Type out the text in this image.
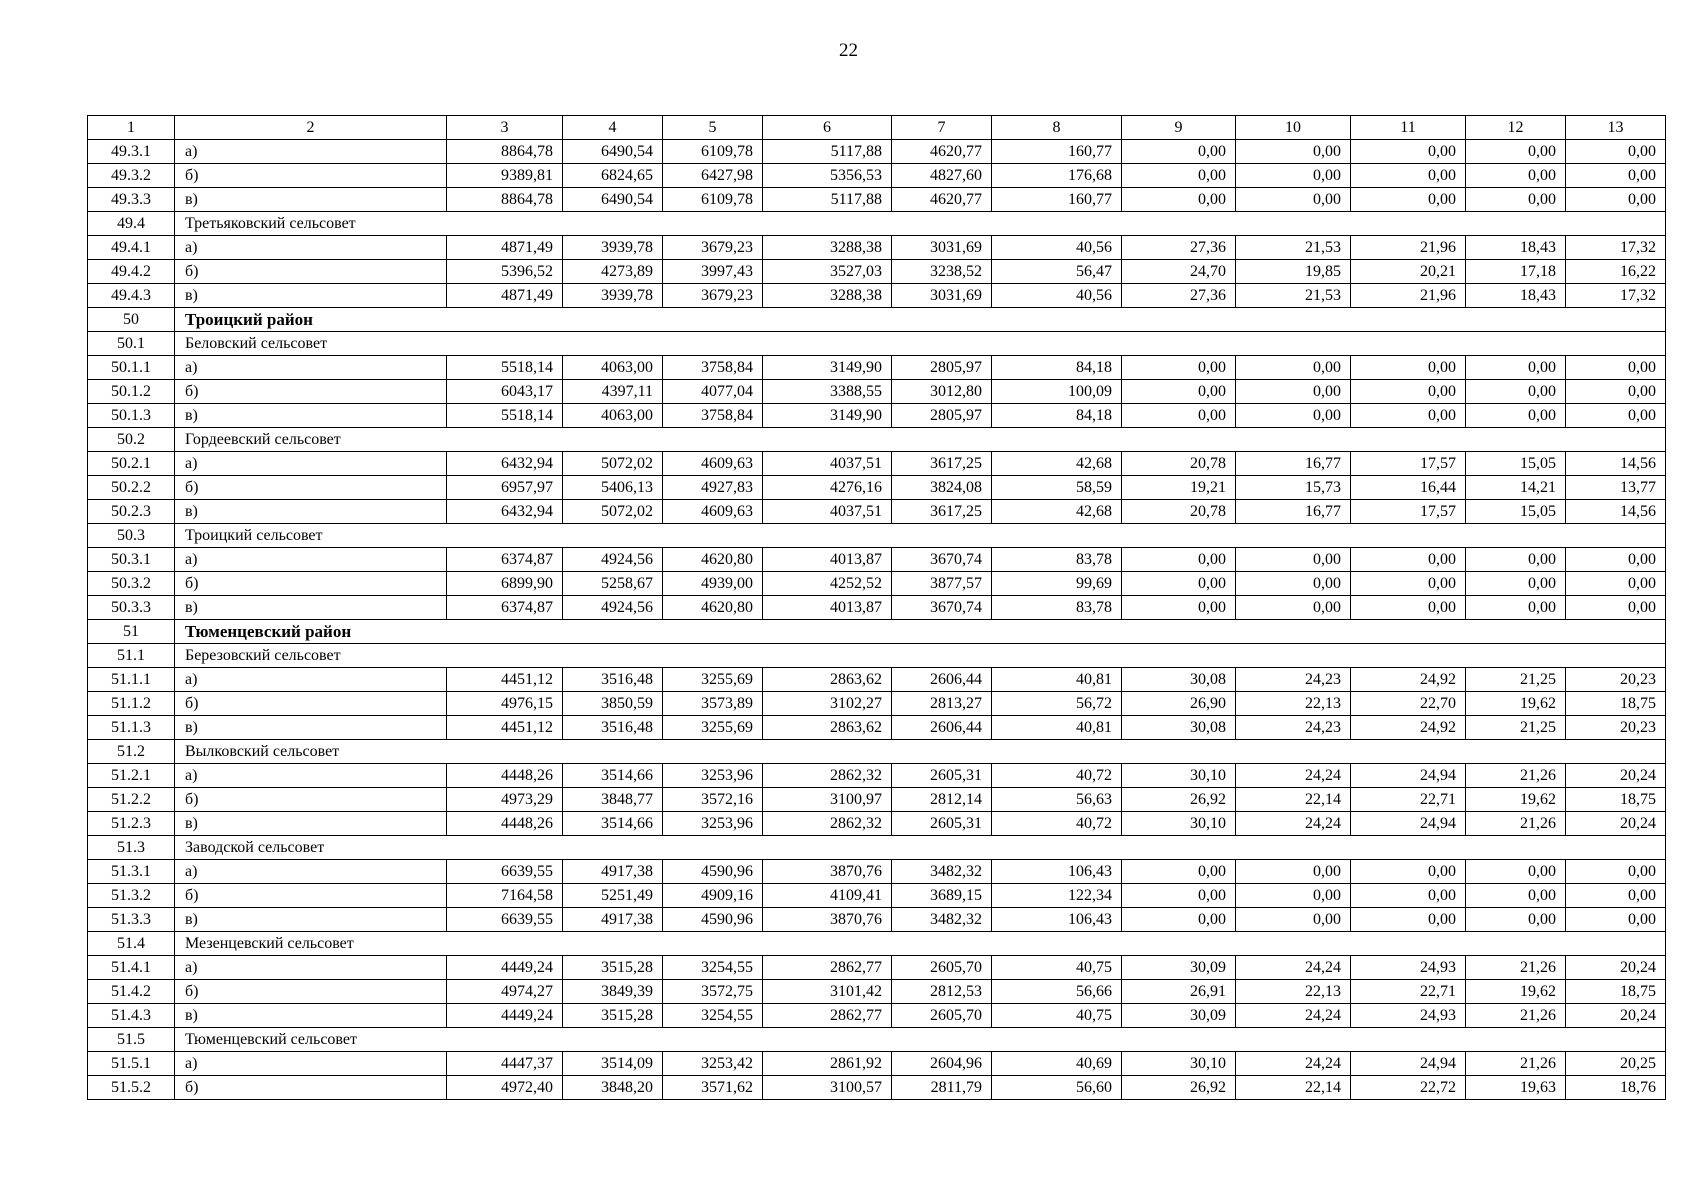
22
1	2	3	4	5	6	7	8	9	10	11	12	13
49.3.1	а)	8864,78	6490,54	6109,78	5117,88	4620,77	160,77	0,00	0,00	0,00	0,00	0,00
49.3.2	б)	9389,81	6824,65	6427,98	5356,53	4827,60	176,68	0,00	0,00	0,00	0,00	0,00
49.3.3	в)	8864,78	6490,54	6109,78	5117,88	4620,77	160,77	0,00	0,00	0,00	0,00	0,00
49.4	Третьяковский сельсовет											
49.4.1	а)	4871,49	3939,78	3679,23	3288,38	3031,69	40,56	27,36	21,53	21,96	18,43	17,32
49.4.2	б)	5396,52	4273,89	3997,43	3527,03	3238,52	56,47	24,70	19,85	20,21	17,18	16,22
49.4.3	в)	4871,49	3939,78	3679,23	3288,38	3031,69	40,56	27,36	21,53	21,96	18,43	17,32
50	Троицкий район											
50.1	Беловский сельсовет											
50.1.1	а)	5518,14	4063,00	3758,84	3149,90	2805,97	84,18	0,00	0,00	0,00	0,00	0,00
50.1.2	б)	6043,17	4397,11	4077,04	3388,55	3012,80	100,09	0,00	0,00	0,00	0,00	0,00
50.1.3	в)	5518,14	4063,00	3758,84	3149,90	2805,97	84,18	0,00	0,00	0,00	0,00	0,00
50.2	Гордеевский сельсовет											
50.2.1	а)	6432,94	5072,02	4609,63	4037,51	3617,25	42,68	20,78	16,77	17,57	15,05	14,56
50.2.2	б)	6957,97	5406,13	4927,83	4276,16	3824,08	58,59	19,21	15,73	16,44	14,21	13,77
50.2.3	в)	6432,94	5072,02	4609,63	4037,51	3617,25	42,68	20,78	16,77	17,57	15,05	14,56
50.3	Троицкий сельсовет											
50.3.1	а)	6374,87	4924,56	4620,80	4013,87	3670,74	83,78	0,00	0,00	0,00	0,00	0,00
50.3.2	б)	6899,90	5258,67	4939,00	4252,52	3877,57	99,69	0,00	0,00	0,00	0,00	0,00
50.3.3	в)	6374,87	4924,56	4620,80	4013,87	3670,74	83,78	0,00	0,00	0,00	0,00	0,00
51	Тюменцевский район											
51.1	Березовский сельсовет											
51.1.1	а)	4451,12	3516,48	3255,69	2863,62	2606,44	40,81	30,08	24,23	24,92	21,25	20,23
51.1.2	б)	4976,15	3850,59	3573,89	3102,27	2813,27	56,72	26,90	22,13	22,70	19,62	18,75
51.1.3	в)	4451,12	3516,48	3255,69	2863,62	2606,44	40,81	30,08	24,23	24,92	21,25	20,23
51.2	Вылковский сельсовет											
51.2.1	а)	4448,26	3514,66	3253,96	2862,32	2605,31	40,72	30,10	24,24	24,94	21,26	20,24
51.2.2	б)	4973,29	3848,77	3572,16	3100,97	2812,14	56,63	26,92	22,14	22,71	19,62	18,75
51.2.3	в)	4448,26	3514,66	3253,96	2862,32	2605,31	40,72	30,10	24,24	24,94	21,26	20,24
51.3	Заводской сельсовет											
51.3.1	а)	6639,55	4917,38	4590,96	3870,76	3482,32	106,43	0,00	0,00	0,00	0,00	0,00
51.3.2	б)	7164,58	5251,49	4909,16	4109,41	3689,15	122,34	0,00	0,00	0,00	0,00	0,00
51.3.3	в)	6639,55	4917,38	4590,96	3870,76	3482,32	106,43	0,00	0,00	0,00	0,00	0,00
51.4	Мезенцевский сельсовет											
51.4.1	а)	4449,24	3515,28	3254,55	2862,77	2605,70	40,75	30,09	24,24	24,93	21,26	20,24
51.4.2	б)	4974,27	3849,39	3572,75	3101,42	2812,53	56,66	26,91	22,13	22,71	19,62	18,75
51.4.3	в)	4449,24	3515,28	3254,55	2862,77	2605,70	40,75	30,09	24,24	24,93	21,26	20,24
51.5	Тюменцевский сельсовет											
51.5.1	а)	4447,37	3514,09	3253,42	2861,92	2604,96	40,69	30,10	24,24	24,94	21,26	20,25
51.5.2	б)	4972,40	3848,20	3571,62	3100,57	2811,79	56,60	26,92	22,14	22,72	19,63	18,76
